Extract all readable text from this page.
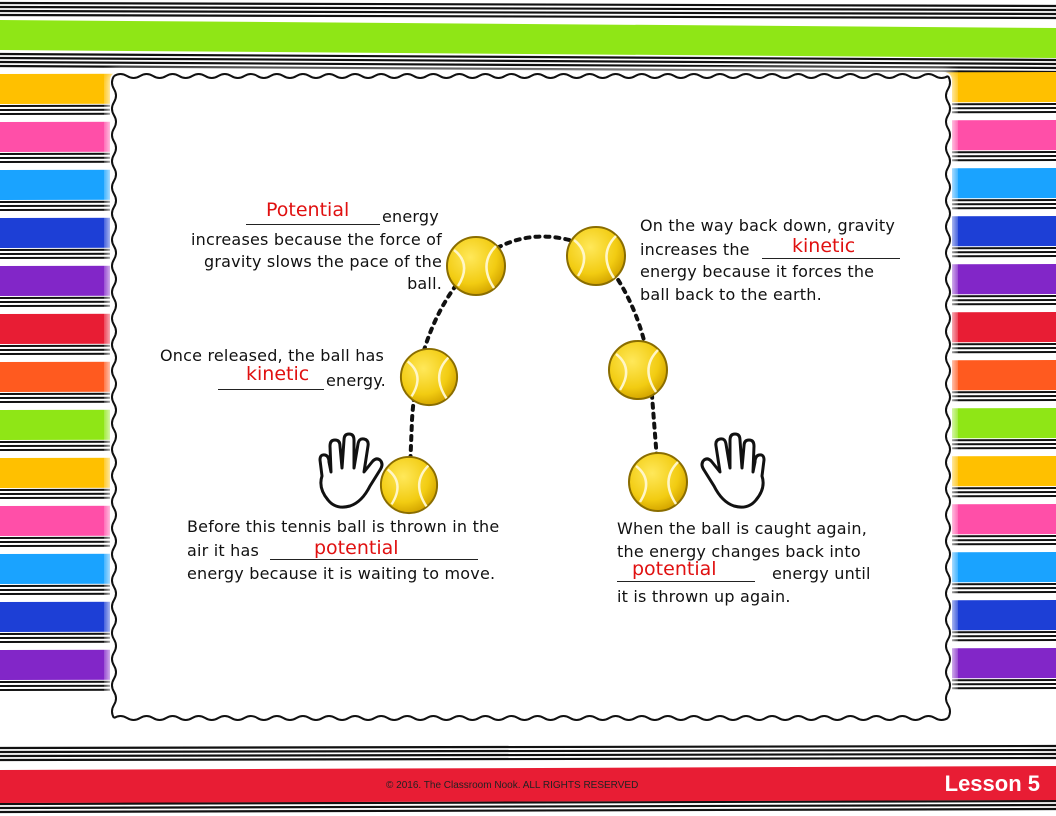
Potential energy
increases because the force of
gravity slows the pace of the
ball.
On the way back down, gravity
increases the kinetic
energy because it forces the
ball back to the earth.
Once released, the ball has
kinetic energy.
Before this tennis ball is thrown in the
air it has	potential
energy because it is waiting to move.
When the ball is caught again,
the energy changes back into
potential	energy until
it is thrown up again.
© 2016. The Classroom Nook. ALL RIGHTS RESERVED	Lesson 5
